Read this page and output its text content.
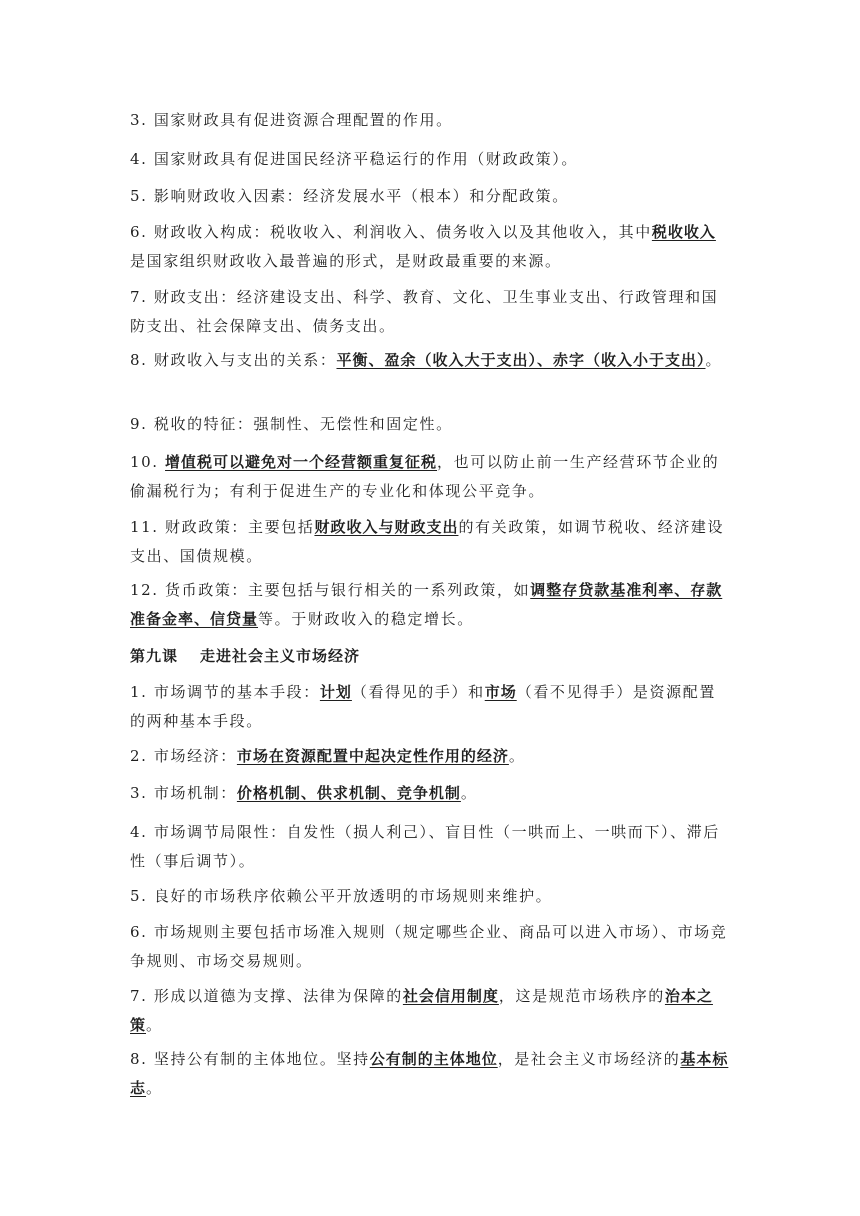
3. 国家财政具有促进资源合理配置的作用。
4. 国家财政具有促进国民经济平稳运行的作用（财政政策）。
5. 影响财政收入因素：经济发展水平（根本）和分配政策。
6. 财政收入构成：税收收入、利润收入、债务收入以及其他收入，其中税收收入是国家组织财政收入最普遍的形式，是财政最重要的来源。
7. 财政支出：经济建设支出、科学、教育、文化、卫生事业支出、行政管理和国防支出、社会保障支出、债务支出。
8. 财政收入与支出的关系：平衡、盈余（收入大于支出）、赤字（收入小于支出）。
9. 税收的特征：强制性、无偿性和固定性。
10. 增值税可以避免对一个经营额重复征税，也可以防止前一生产经营环节企业的偷漏税行为；有利于促进生产的专业化和体现公平竞争。
11. 财政政策：主要包括财政收入与财政支出的有关政策，如调节税收、经济建设支出、国债规模。
12. 货币政策：主要包括与银行相关的一系列政策，如调整存贷款基准利率、存款准备金率、信贷量等。于财政收入的稳定增长。
第九课 走进社会主义市场经济
1. 市场调节的基本手段：计划（看得见的手）和市场（看不见得手）是资源配置的两种基本手段。
2. 市场经济：市场在资源配置中起决定性作用的经济。
3. 市场机制：价格机制、供求机制、竞争机制。
4. 市场调节局限性：自发性（损人利己）、盲目性（一哄而上、一哄而下）、滞后性（事后调节）。
5. 良好的市场秩序依赖公平开放透明的市场规则来维护。
6. 市场规则主要包括市场准入规则（规定哪些企业、商品可以进入市场）、市场竞争规则、市场交易规则。
7. 形成以道德为支撑、法律为保障的社会信用制度，这是规范市场秩序的治本之策。
8. 坚持公有制的主体地位。坚持公有制的主体地位，是社会主义市场经济的基本标志。
